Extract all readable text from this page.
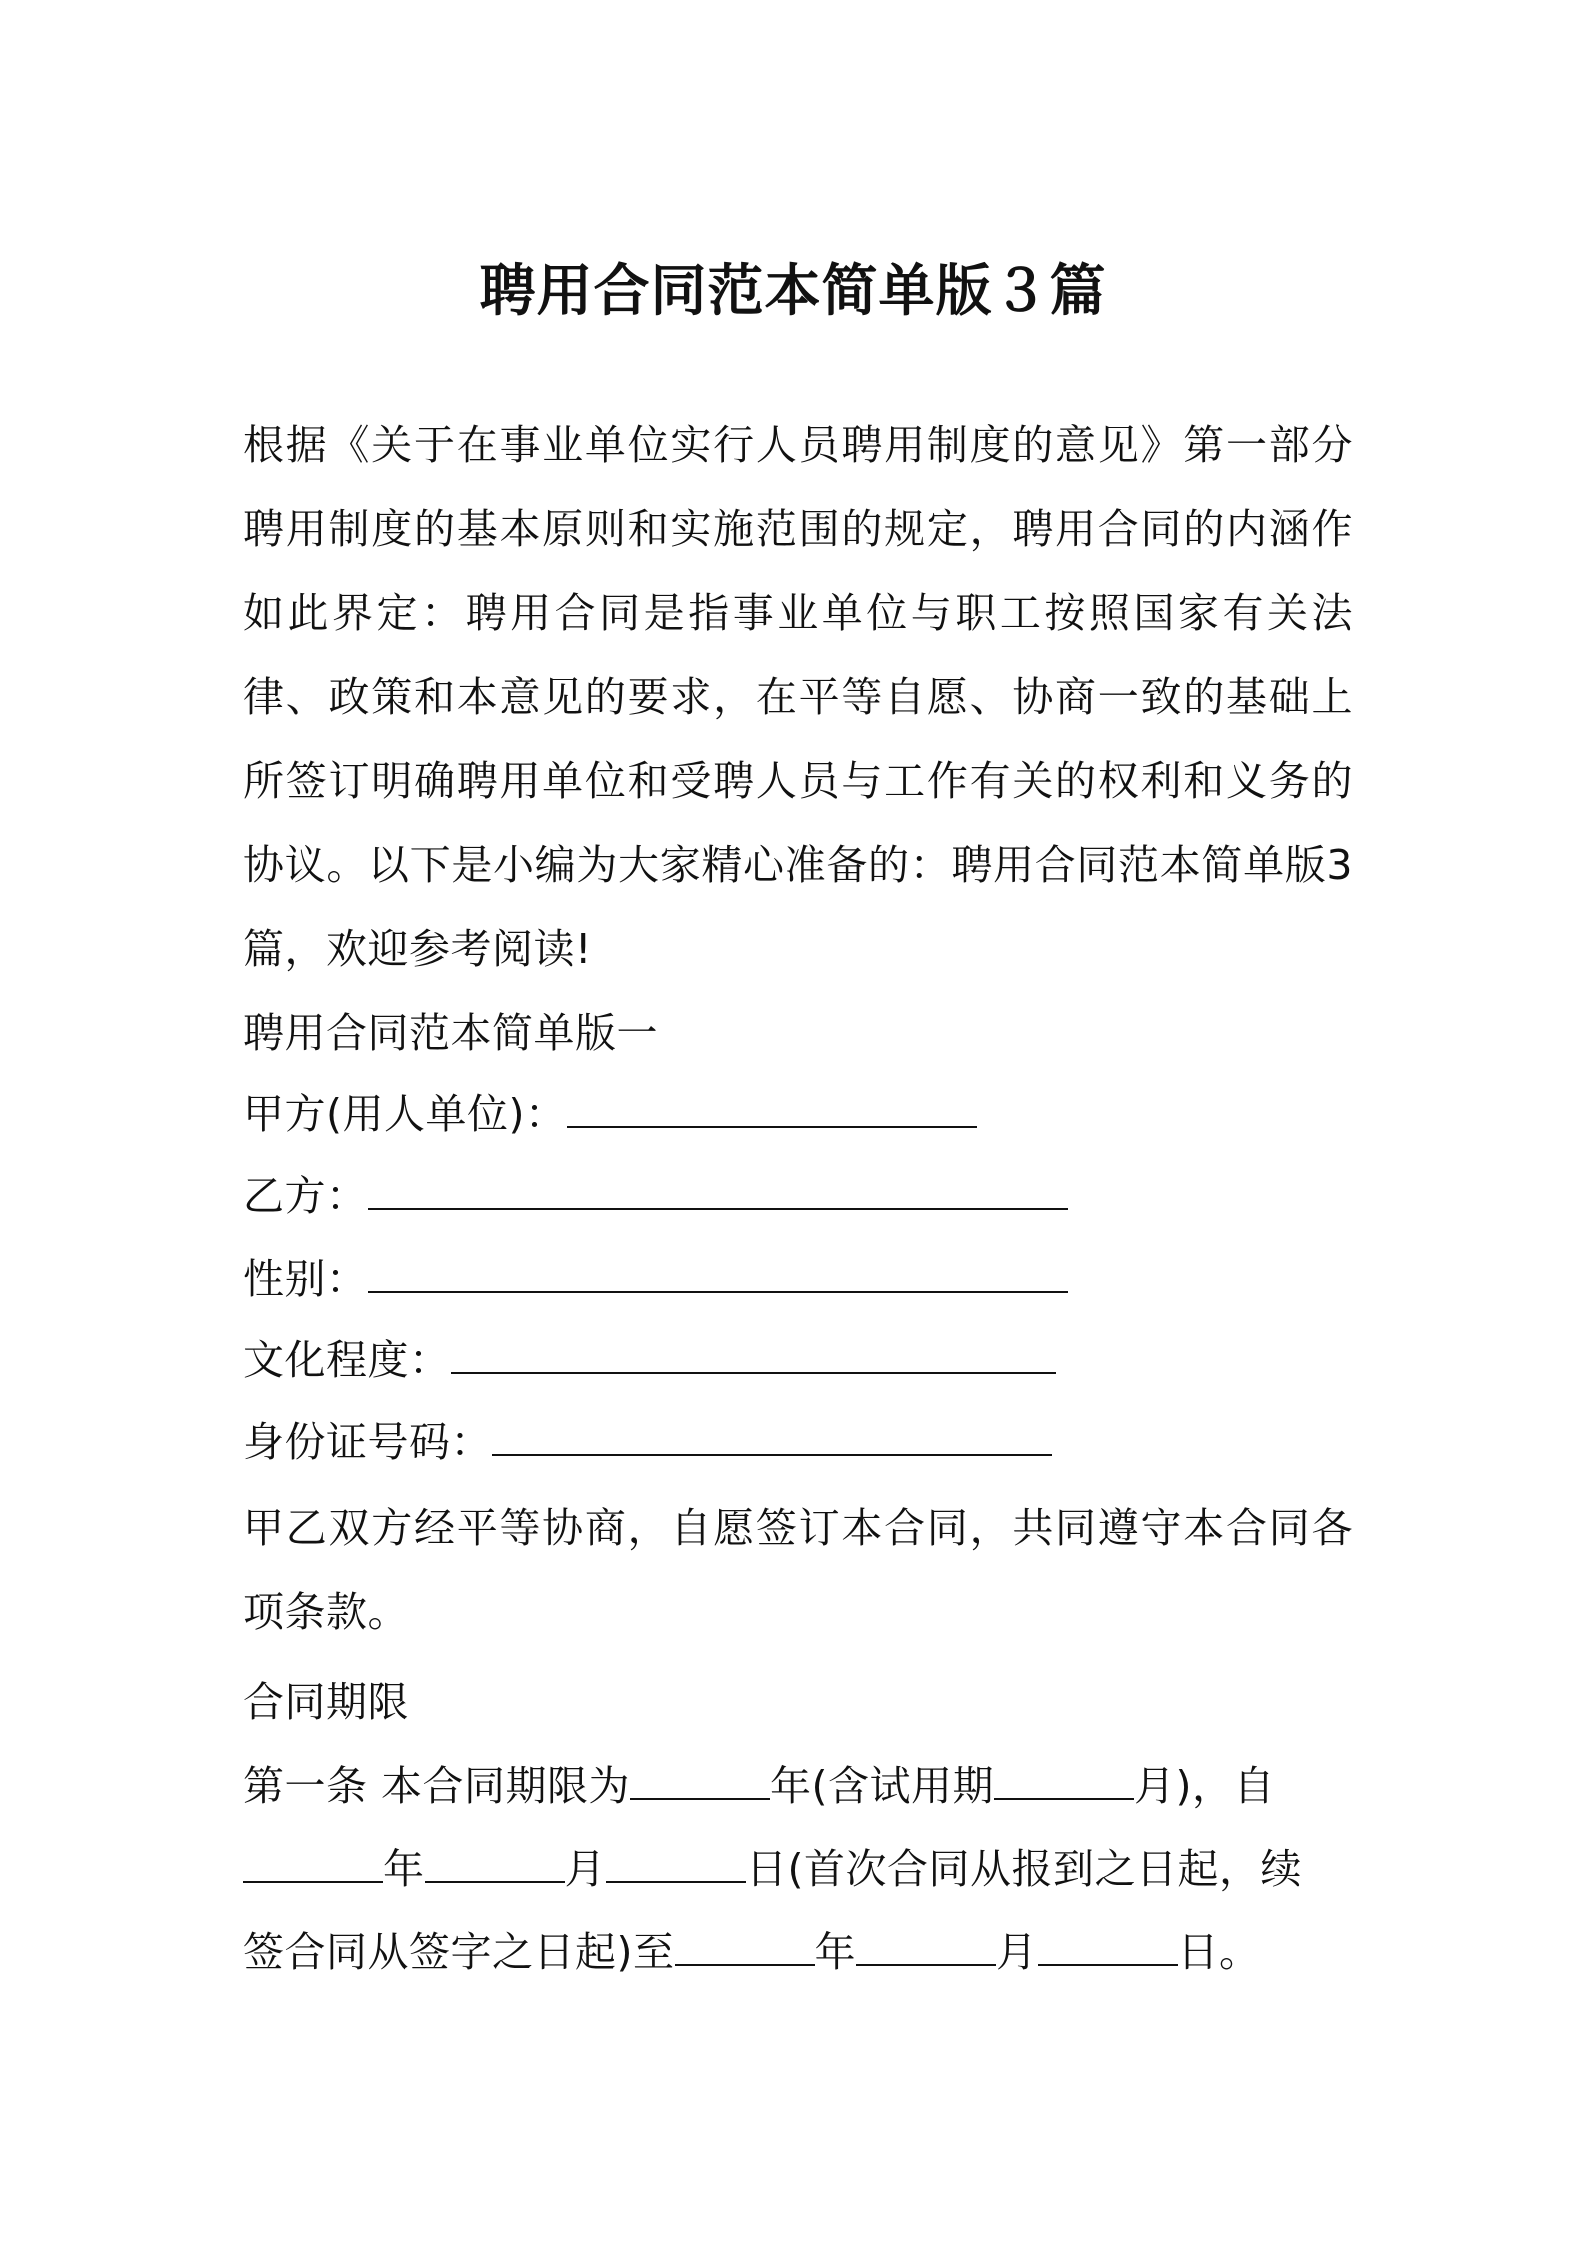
聘用合同范本简单版３篇
根据《关于在事业单位实行人员聘用制度的意见》第一部分聘用制度的基本原则和实施范围的规定，聘用合同的内涵作如此界定：聘用合同是指事业单位与职工按照国家有关法律、政策和本意见的要求，在平等自愿、协商一致的基础上所签订明确聘用单位和受聘人员与工作有关的权利和义务的协议。以下是小编为大家精心准备的：聘用合同范本简单版3 篇，欢迎参考阅读!
聘用合同范本简单版一
甲方(用人单位)：
乙方：
性别：
文化程度：
身份证号码：
甲乙双方经平等协商，自愿签订本合同，共同遵守本合同各项条款。
合同期限
第一条 本合同期限为	年(含试用期	月)，自
年	月	日(首次合同从报到之日起，续
签合同从签字之日起)至	年	月	日。
